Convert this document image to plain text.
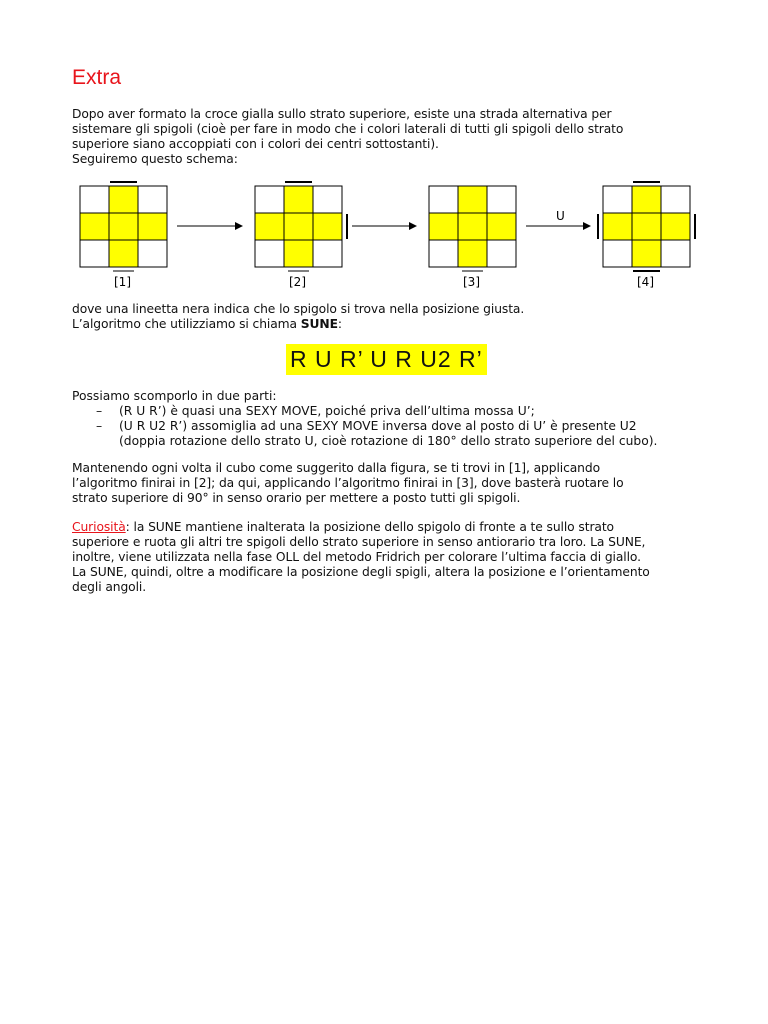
Extra
Dopo aver formato la croce gialla sullo strato superiore, esiste una strada alternativa per
sistemare gli spigoli (cioè per fare in modo che i colori laterali di tutti gli spigoli dello strato
superiore siano accoppiati con i colori dei centri sottostanti).
Seguiremo questo schema:
U
[1]	[2]	[3]	[4]
dove una lineetta nera indica che lo spigolo si trova nella posizione giusta.
L’algoritmo che utilizziamo si chiama SUNE:
R U R’ U R U2 R’
Possiamo scomporlo in due parti:
– (R U R’) è quasi una SEXY MOVE, poiché priva dell’ultima mossa U’;
– (U R U2 R’) assomiglia ad una SEXY MOVE inversa dove al posto di U’ è presente U2
(doppia rotazione dello strato U, cioè rotazione di 180° dello strato superiore del cubo).
Mantenendo ogni volta il cubo come suggerito dalla figura, se ti trovi in [1], applicando
l’algoritmo finirai in [2]; da qui, applicando l’algoritmo finirai in [3], dove basterà ruotare lo
strato superiore di 90° in senso orario per mettere a posto tutti gli spigoli.
Curiosità: la SUNE mantiene inalterata la posizione dello spigolo di fronte a te sullo strato
superiore e ruota gli altri tre spigoli dello strato superiore in senso antiorario tra loro. La SUNE,
inoltre, viene utilizzata nella fase OLL del metodo Fridrich per colorare l’ultima faccia di giallo.
La SUNE, quindi, oltre a modificare la posizione degli spigli, altera la posizione e l’orientamento
degli angoli.
